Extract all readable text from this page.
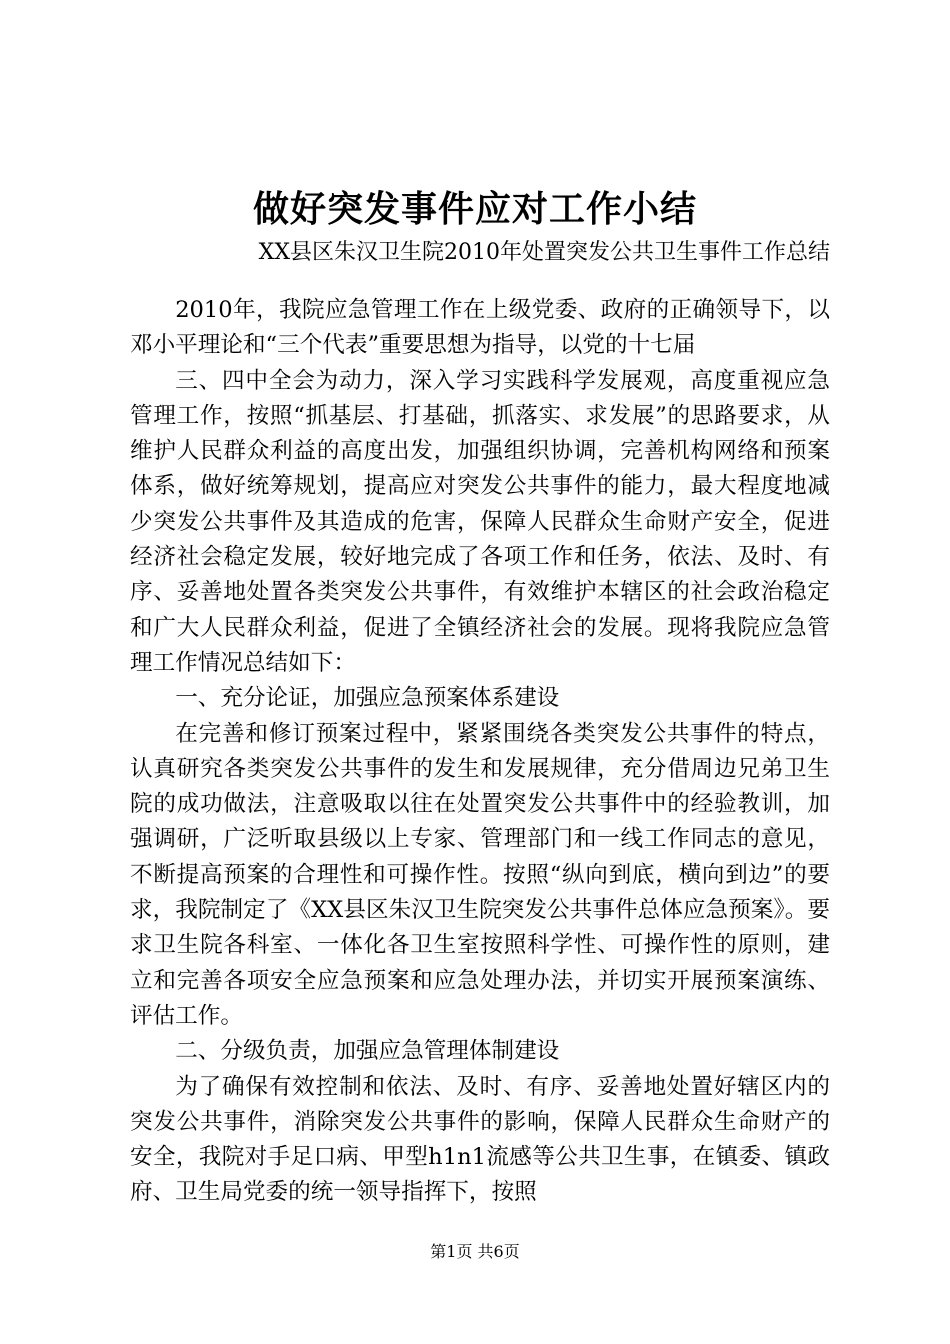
做好突发事件应对工作小结
XX县区朱汉卫生院2010年处置突发公共卫生事件工作总结

2010年，我院应急管理工作在上级党委、政府的正确领导下，以邓小平理论和“三个代表”重要思想为指导，以党的十七届

三、四中全会为动力，深入学习实践科学发展观，高度重视应急管理工作，按照“抓基层、打基础，抓落实、求发展”的思路要求，从维护人民群众利益的高度出发，加强组织协调，完善机构网络和预案体系，做好统筹规划，提高应对突发公共事件的能力，最大程度地减少突发公共事件及其造成的危害，保障人民群众生命财产安全，促进经济社会稳定发展，较好地完成了各项工作和任务，依法、及时、有序、妥善地处置各类突发公共事件，有效维护本辖区的社会政治稳定和广大人民群众利益，促进了全镇经济社会的发展。现将我院应急管理工作情况总结如下：

一、充分论证，加强应急预案体系建设

在完善和修订预案过程中，紧紧围绕各类突发公共事件的特点，认真研究各类突发公共事件的发生和发展规律，充分借周边兄弟卫生院的成功做法，注意吸取以往在处置突发公共事件中的经验教训，加强调研，广泛听取县级以上专家、管理部门和一线工作同志的意见，不断提高预案的合理性和可操作性。按照“纵向到底，横向到边”的要求，我院制定了《XX县区朱汉卫生院突发公共事件总体应急预案》。要求卫生院各科室、一体化各卫生室按照科学性、可操作性的原则，建立和完善各项安全应急预案和应急处理办法，并切实开展预案演练、评估工作。

二、分级负责，加强应急管理体制建设

为了确保有效控制和依法、及时、有序、妥善地处置好辖区内的突发公共事件，消除突发公共事件的影响，保障人民群众生命财产的安全，我院对手足口病、甲型h1n1流感等公共卫生事，在镇委、镇政府、卫生局党委的统一领导指挥下，按照

第1页 共6页
